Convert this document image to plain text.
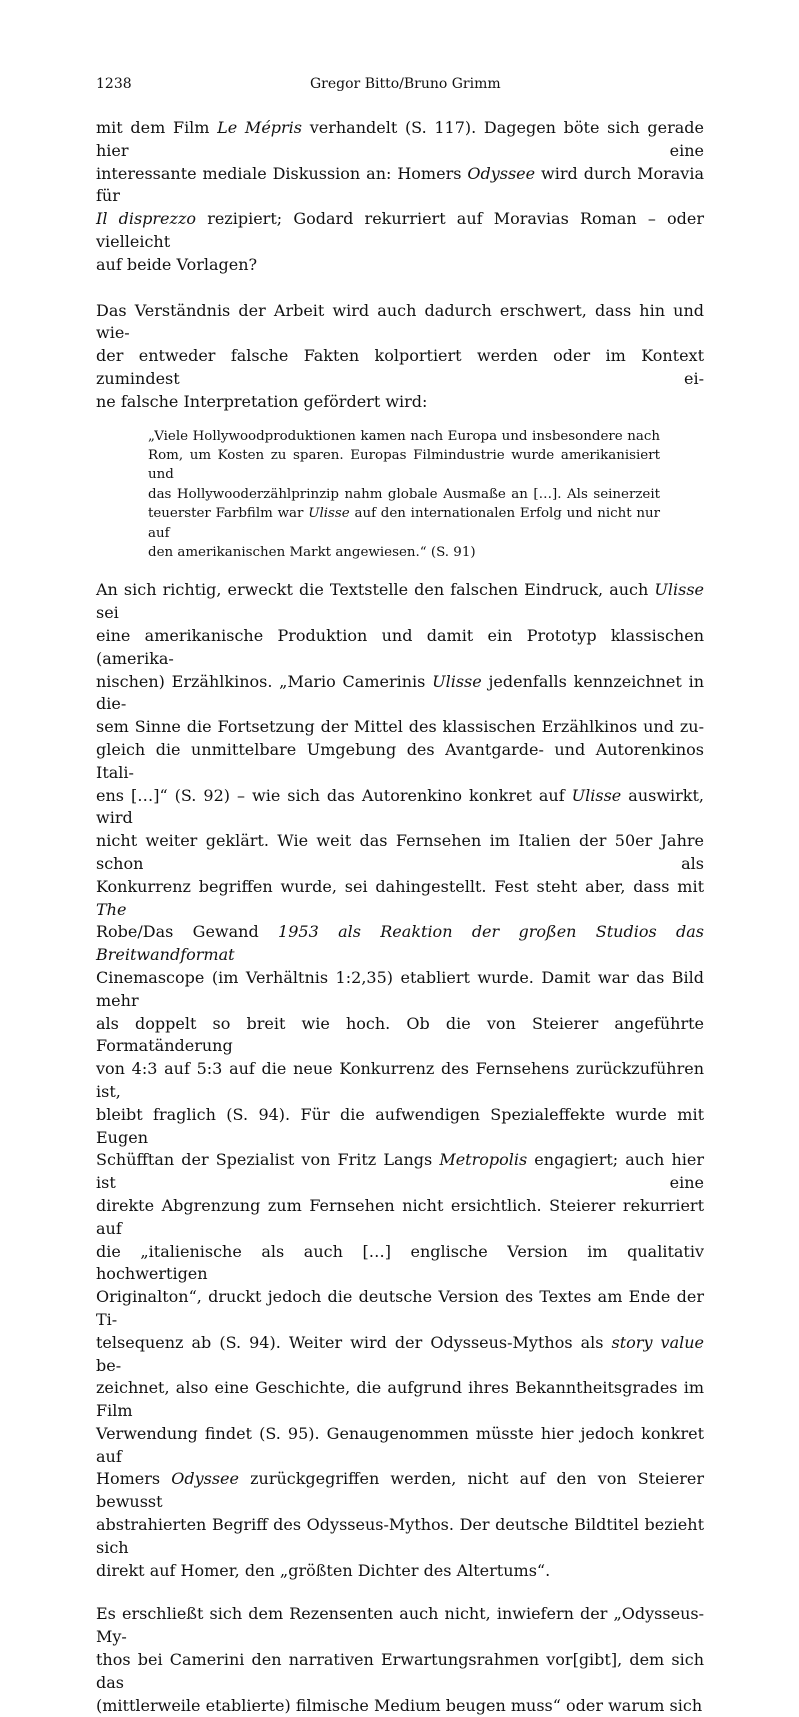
1238	Gregor Bitto/Bruno Grimm
mit dem Film Le Mépris verhandelt (S. 117). Dagegen böte sich gerade hier eine
interessante mediale Diskussion an: Homers Odyssee wird durch Moravia für
Il disprezzo rezipiert; Godard rekurriert auf Moravias Roman – oder vielleicht
auf beide Vorlagen?
Das Verständnis der Arbeit wird auch dadurch erschwert, dass hin und wie-
der entweder falsche Fakten kolportiert werden oder im Kontext zumindest ei-
ne falsche Interpretation gefördert wird:
„Viele Hollywoodproduktionen kamen nach Europa und insbesondere nach
Rom, um Kosten zu sparen. Europas Filmindustrie wurde amerikanisiert und
das Hollywooderzählprinzip nahm globale Ausmaße an […]. Als seinerzeit
teuerster Farbfilm war Ulisse auf den internationalen Erfolg und nicht nur auf
den amerikanischen Markt angewiesen.“ (S. 91)
An sich richtig, erweckt die Textstelle den falschen Eindruck, auch Ulisse sei
eine amerikanische Produktion und damit ein Prototyp klassischen (amerika-
nischen) Erzählkinos. „Mario Camerinis Ulisse jedenfalls kennzeichnet in die-
sem Sinne die Fortsetzung der Mittel des klassischen Erzählkinos und zu-
gleich die unmittelbare Umgebung des Avantgarde- und Autorenkinos Itali-
ens […]“ (S. 92) – wie sich das Autorenkino konkret auf Ulisse auswirkt, wird
nicht weiter geklärt. Wie weit das Fernsehen im Italien der 50er Jahre schon als
Konkurrenz begriffen wurde, sei dahingestellt. Fest steht aber, dass mit The
Robe/Das Gewand 1953 als Reaktion der großen Studios das Breitwandformat
Cinemascope (im Verhältnis 1:2,35) etabliert wurde. Damit war das Bild mehr
als doppelt so breit wie hoch. Ob die von Steierer angeführte Formatänderung
von 4:3 auf 5:3 auf die neue Konkurrenz des Fernsehens zurückzuführen ist,
bleibt fraglich (S. 94). Für die aufwendigen Spezialeffekte wurde mit Eugen
Schüfftan der Spezialist von Fritz Langs Metropolis engagiert; auch hier ist eine
direkte Abgrenzung zum Fernsehen nicht ersichtlich. Steierer rekurriert auf
die „italienische als auch […] englische Version im qualitativ hochwertigen
Originalton“, druckt jedoch die deutsche Version des Textes am Ende der Ti-
telsequenz ab (S. 94). Weiter wird der Odysseus-Mythos als story value be-
zeichnet, also eine Geschichte, die aufgrund ihres Bekanntheitsgrades im Film
Verwendung findet (S. 95). Genaugenommen müsste hier jedoch konkret auf
Homers Odyssee zurückgegriffen werden, nicht auf den von Steierer bewusst
abstrahierten Begriff des Odysseus-Mythos. Der deutsche Bildtitel bezieht sich
direkt auf Homer, den „größten Dichter des Altertums“.
Es erschließt sich dem Rezensenten auch nicht, inwiefern der „Odysseus-My-
thos bei Camerini den narrativen Erwartungsrahmen vor[gibt], dem sich das
(mittlerweile etablierte) filmische Medium beugen muss“ oder warum sich
